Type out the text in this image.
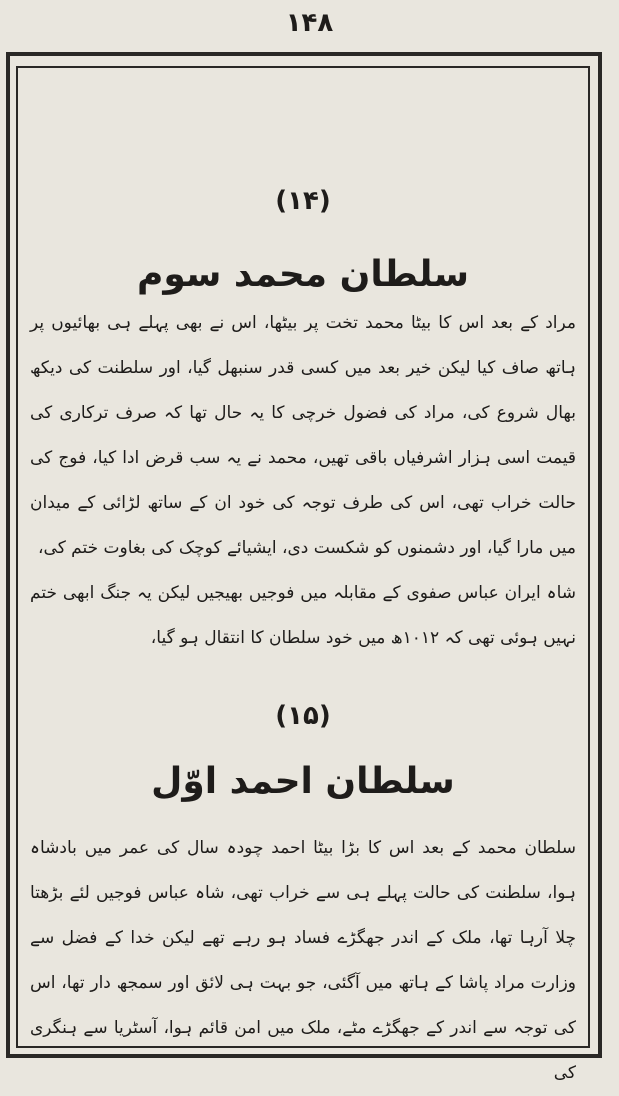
۱۴۸
(۱۴)
سلطان محمد سوم

مراد کے بعد اس کا بیٹا محمد تخت پر بیٹھا، اس نے بھی پہلے ہی بھائیوں پر ہاتھ صاف کیا لیکن خیر بعد میں کسی قدر سنبھل گیا، اور سلطنت کی دیکھ بھال شروع کی، مراد کی فضول خرچی کا یہ حال تھا کہ صرف ترکاری کی قیمت اسی ہزار اشرفیاں باقی تھیں، محمد نے یہ سب قرض ادا کیا، فوج کی حالت خراب تھی، اس کی طرف توجہ کی خود ان کے ساتھ لڑائی کے میدان میں مارا گیا، اور دشمنوں کو شکست دی، ایشیائے کوچک کی بغاوت ختم کی،

شاہ ایران عباس صفوی کے مقابلہ میں فوجیں بھیجیں لیکن یہ جنگ ابھی ختم نہیں ہوئی تھی کہ ۱۰۱۲ھ میں خود سلطان کا انتقال ہو گیا،

(۱۵)
سلطان احمد اوّل

سلطان محمد کے بعد اس کا بڑا بیٹا احمد چودہ سال کی عمر میں بادشاہ ہوا، سلطنت کی حالت پہلے ہی سے خراب تھی، شاہ عباس فوجیں لئے بڑھتا چلا آرہا تھا، ملک کے اندر جھگڑے فساد ہو رہے تھے لیکن خدا کے فضل سے وزارت مراد پاشا کے ہاتھ میں آگئی، جو بہت ہی لائق اور سمجھ دار تھا، اس کی توجہ سے اندر کے جھگڑے مٹے، ملک میں امن قائم ہوا، آسٹریا سے ہنگری کی
